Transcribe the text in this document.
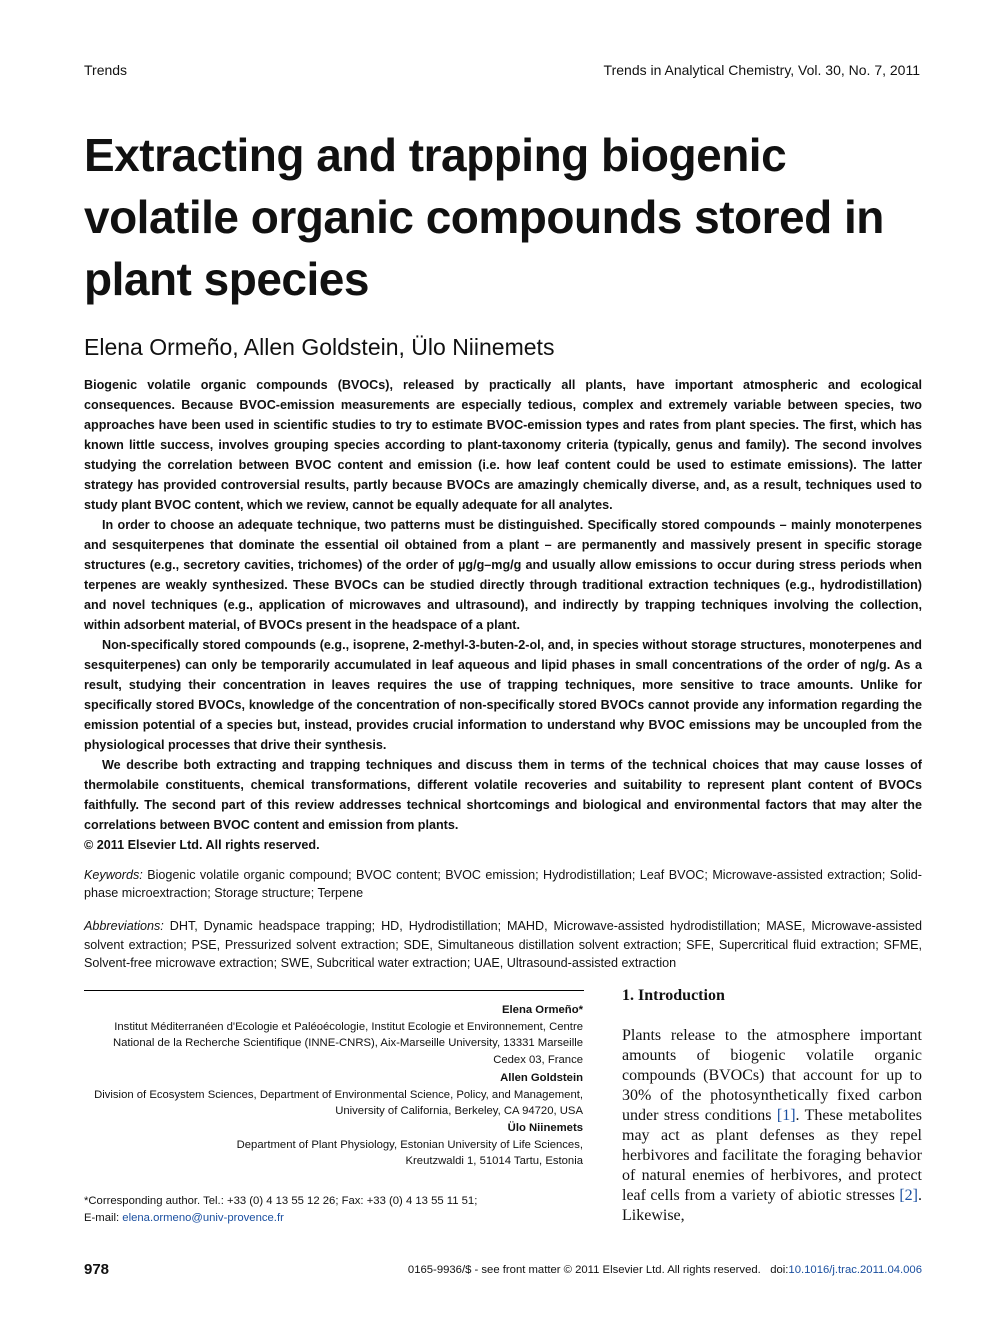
Trends	Trends in Analytical Chemistry, Vol. 30, No. 7, 2011
Extracting and trapping biogenic volatile organic compounds stored in plant species
Elena Ormeño, Allen Goldstein, Ülo Niinemets

Biogenic volatile organic compounds (BVOCs), released by practically all plants, have important atmospheric and ecological consequences. Because BVOC-emission measurements are especially tedious, complex and extremely variable between species, two approaches have been used in scientific studies to try to estimate BVOC-emission types and rates from plant species. The first, which has known little success, involves grouping species according to plant-taxonomy criteria (typically, genus and family). The second involves studying the correlation between BVOC content and emission (i.e. how leaf content could be used to estimate emissions). The latter strategy has provided controversial results, partly because BVOCs are amazingly chemically diverse, and, as a result, techniques used to study plant BVOC content, which we review, cannot be equally adequate for all analytes.

In order to choose an adequate technique, two patterns must be distinguished. Specifically stored compounds – mainly monoterpenes and sesquiterpenes that dominate the essential oil obtained from a plant – are permanently and massively present in specific storage structures (e.g., secretory cavities, trichomes) of the order of µg/g–mg/g and usually allow emissions to occur during stress periods when terpenes are weakly synthesized. These BVOCs can be studied directly through traditional extraction techniques (e.g., hydrodistillation) and novel techniques (e.g., application of microwaves and ultrasound), and indirectly by trapping techniques involving the collection, within adsorbent material, of BVOCs present in the headspace of a plant.

Non-specifically stored compounds (e.g., isoprene, 2-methyl-3-buten-2-ol, and, in species without storage structures, monoterpenes and sesquiterpenes) can only be temporarily accumulated in leaf aqueous and lipid phases in small concentrations of the order of ng/g. As a result, studying their concentration in leaves requires the use of trapping techniques, more sensitive to trace amounts. Unlike for specifically stored BVOCs, knowledge of the concentration of non-specifically stored BVOCs cannot provide any information regarding the emission potential of a species but, instead, provides crucial information to understand why BVOC emissions may be uncoupled from the physiological processes that drive their synthesis.

We describe both extracting and trapping techniques and discuss them in terms of the technical choices that may cause losses of thermolabile constituents, chemical transformations, different volatile recoveries and suitability to represent plant content of BVOCs faithfully. The second part of this review addresses technical shortcomings and biological and environmental factors that may alter the correlations between BVOC content and emission from plants.

© 2011 Elsevier Ltd. All rights reserved.

Keywords: Biogenic volatile organic compound; BVOC content; BVOC emission; Hydrodistillation; Leaf BVOC; Microwave-assisted extraction; Solid-phase microextraction; Storage structure; Terpene
Abbreviations: DHT, Dynamic headspace trapping; HD, Hydrodistillation; MAHD, Microwave-assisted hydrodistillation; MASE, Microwave-assisted solvent extraction; PSE, Pressurized solvent extraction; SDE, Simultaneous distillation solvent extraction; SFE, Supercritical fluid extraction; SFME, Solvent-free microwave extraction; SWE, Subcritical water extraction; UAE, Ultrasound-assisted extraction
Elena Ormeño*
Institut Méditerranéen d'Ecologie et Paléoécologie, Institut Ecologie et Environnement, Centre
National de la Recherche Scientifique (INNE-CNRS), Aix-Marseille University, 13331 Marseille
Cedex 03, France
Allen Goldstein
Division of Ecosystem Sciences, Department of Environmental Science, Policy, and Management,
University of California, Berkeley, CA 94720, USA
Ülo Niinemets
Department of Plant Physiology, Estonian University of Life Sciences,
Kreutzwaldi 1, 51014 Tartu, Estonia
*Corresponding author. Tel.: +33 (0) 4 13 55 12 26; Fax: +33 (0) 4 13 55 11 51;
E-mail: elena.ormeno@univ-provence.fr
1. Introduction
Plants release to the atmosphere important amounts of biogenic volatile organic compounds (BVOCs) that account for up to 30% of the photosynthetically fixed carbon under stress conditions [1]. These metabolites may act as plant defenses as they repel herbivores and facilitate the foraging behavior of natural enemies of herbivores, and protect leaf cells from a variety of abiotic stresses [2]. Likewise,
978	0165-9936/$ - see front matter © 2011 Elsevier Ltd. All rights reserved. doi:10.1016/j.trac.2011.04.006
